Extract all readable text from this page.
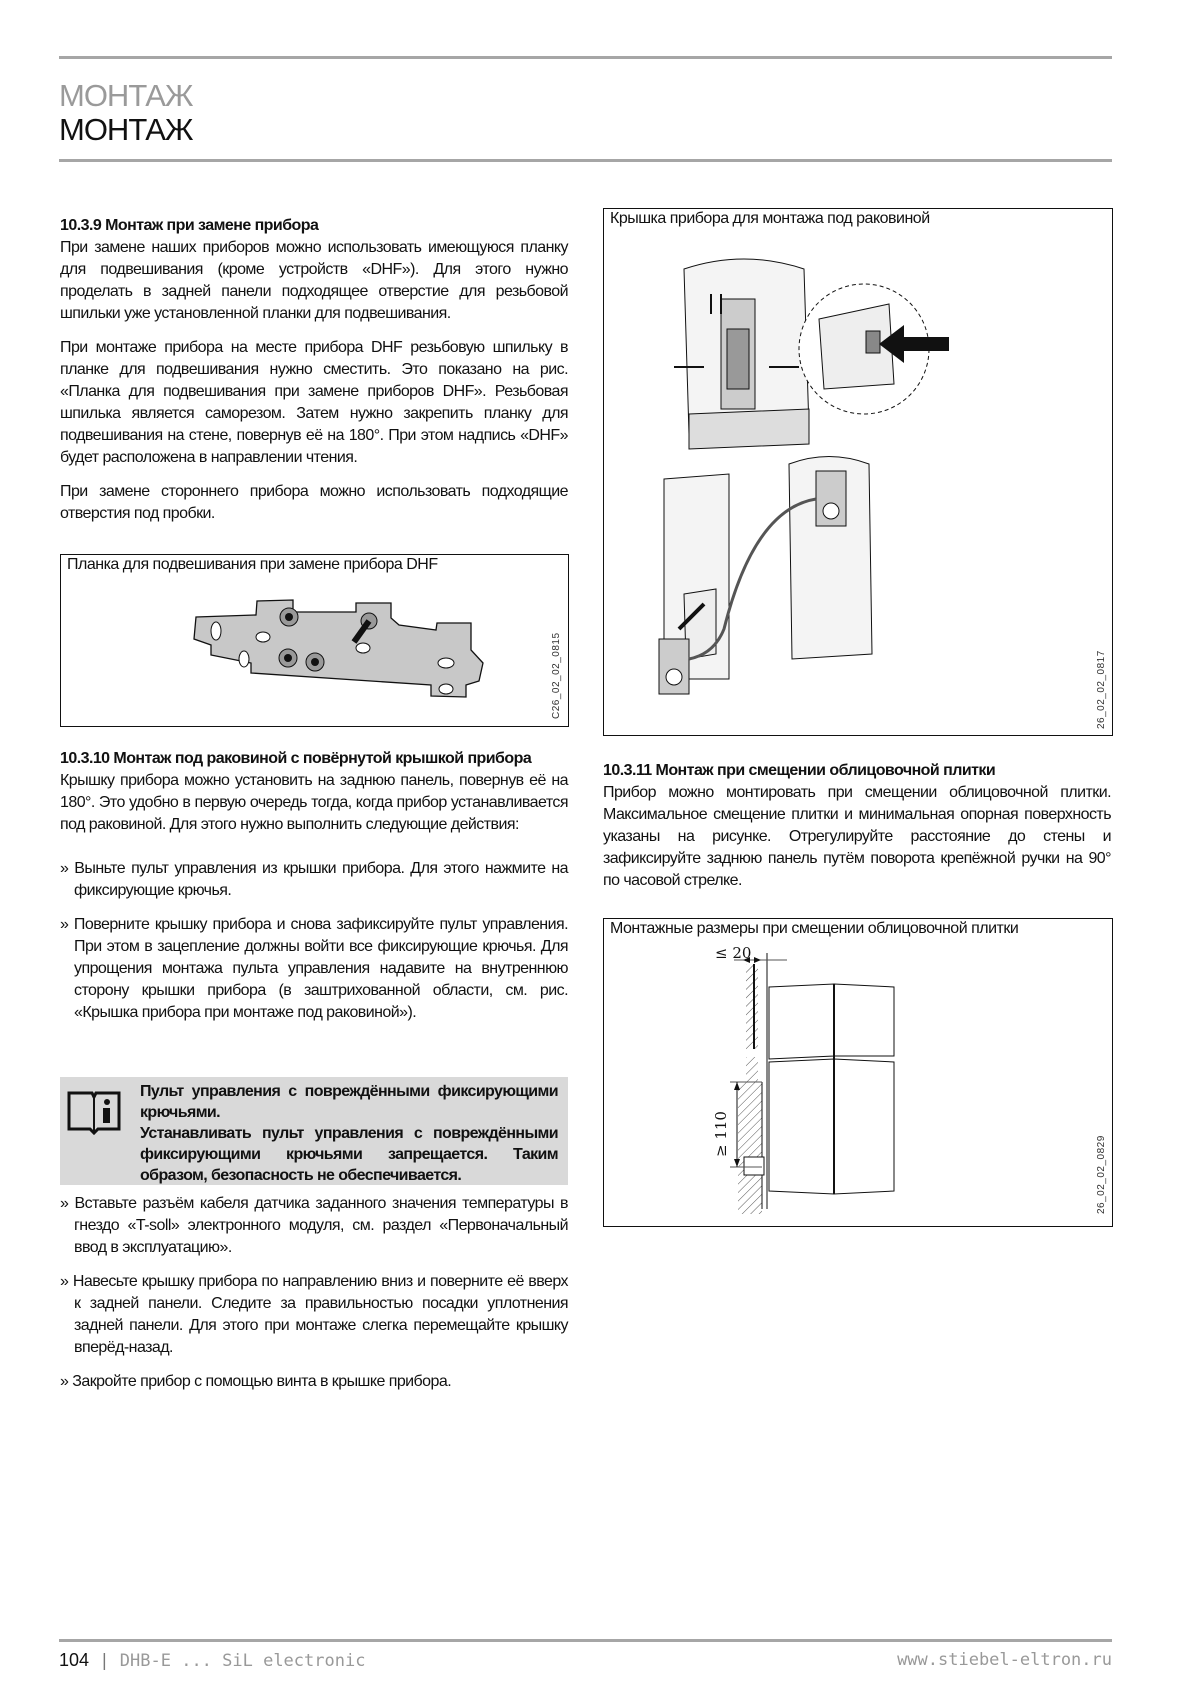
МОНТАЖ
МОНТАЖ
10.3.9 Монтаж при замене прибора

При замене наших приборов можно использовать имеющуюся планку для подвешивания (кроме устройств «DHF»). Для этого нужно проделать в задней панели подходящее отверстие для резьбовой шпильки уже установленной планки для подвешивания.

При монтаже прибора на месте прибора DHF резьбовую шпильку в планке для подвешивания нужно сместить. Это показано на рис. «Планка для подвешивания при замене приборов DHF». Резьбовая шпилька является саморезом. Затем нужно закрепить планку для подвешивания на стене, повернув её на 180°. При этом надпись «DHF» будет расположена в направлении чтения.

При замене стороннего прибора можно использовать подходящие отверстия под пробки.

Планка для подвешивания при замене прибора DHF
C26_02_02_0815
10.3.10 Монтаж под раковиной с повёрнутой крышкой прибора

Крышку прибора можно установить на заднюю панель, повернув её на 180°. Это удобно в первую очередь тогда, когда прибор устанавливается под раковиной. Для этого нужно выполнить следующие действия:

» Выньте пульт управления из крышки прибора. Для этого нажмите на фиксирующие крючья.

» Поверните крышку прибора и снова зафиксируйте пульт управления. При этом в зацепление должны войти все фиксирующие крючья. Для упрощения монтажа пульта управления надавите на внутреннюю сторону крышки прибора (в заштрихованной области, см. рис. «Крышка прибора при монтаже под раковиной»).

Пульт управления с повреждёнными фиксирующими крючьями.
Устанавливать пульт управления с повреждёнными фиксирующими крючьями запрещается. Таким образом, безопасность не обеспечивается.

» Вставьте разъём кабеля датчика заданного значения температуры в гнездо «T-soll» электронного модуля, см. раздел «Первоначальный ввод в эксплуатацию».

» Навесьте крышку прибора по направлению вниз и поверните её вверх к задней панели. Следите за правильностью посадки уплотнения задней панели. Для этого при монтаже слегка перемещайте крышку вперёд-назад.

» Закройте прибор с помощью винта в крышке прибора.

Крышка прибора для монтажа под раковиной
26_02_02_0817
10.3.11 Монтаж при смещении облицовочной плитки

Прибор можно монтировать при смещении облицовочной плитки. Максимальное смещение плитки и минимальная опорная поверхность указаны на рисунке. Отрегулируйте расстояние до стены и зафиксируйте заднюю панель путём поворота крепёжной ручки на 90° по часовой стрелке.

Монтажные размеры при смещении облицовочной плитки
≤ 20
≥ 110
26_02_02_0829
104 | DHB-E ... SiL electronic	www.stiebel-eltron.ru
